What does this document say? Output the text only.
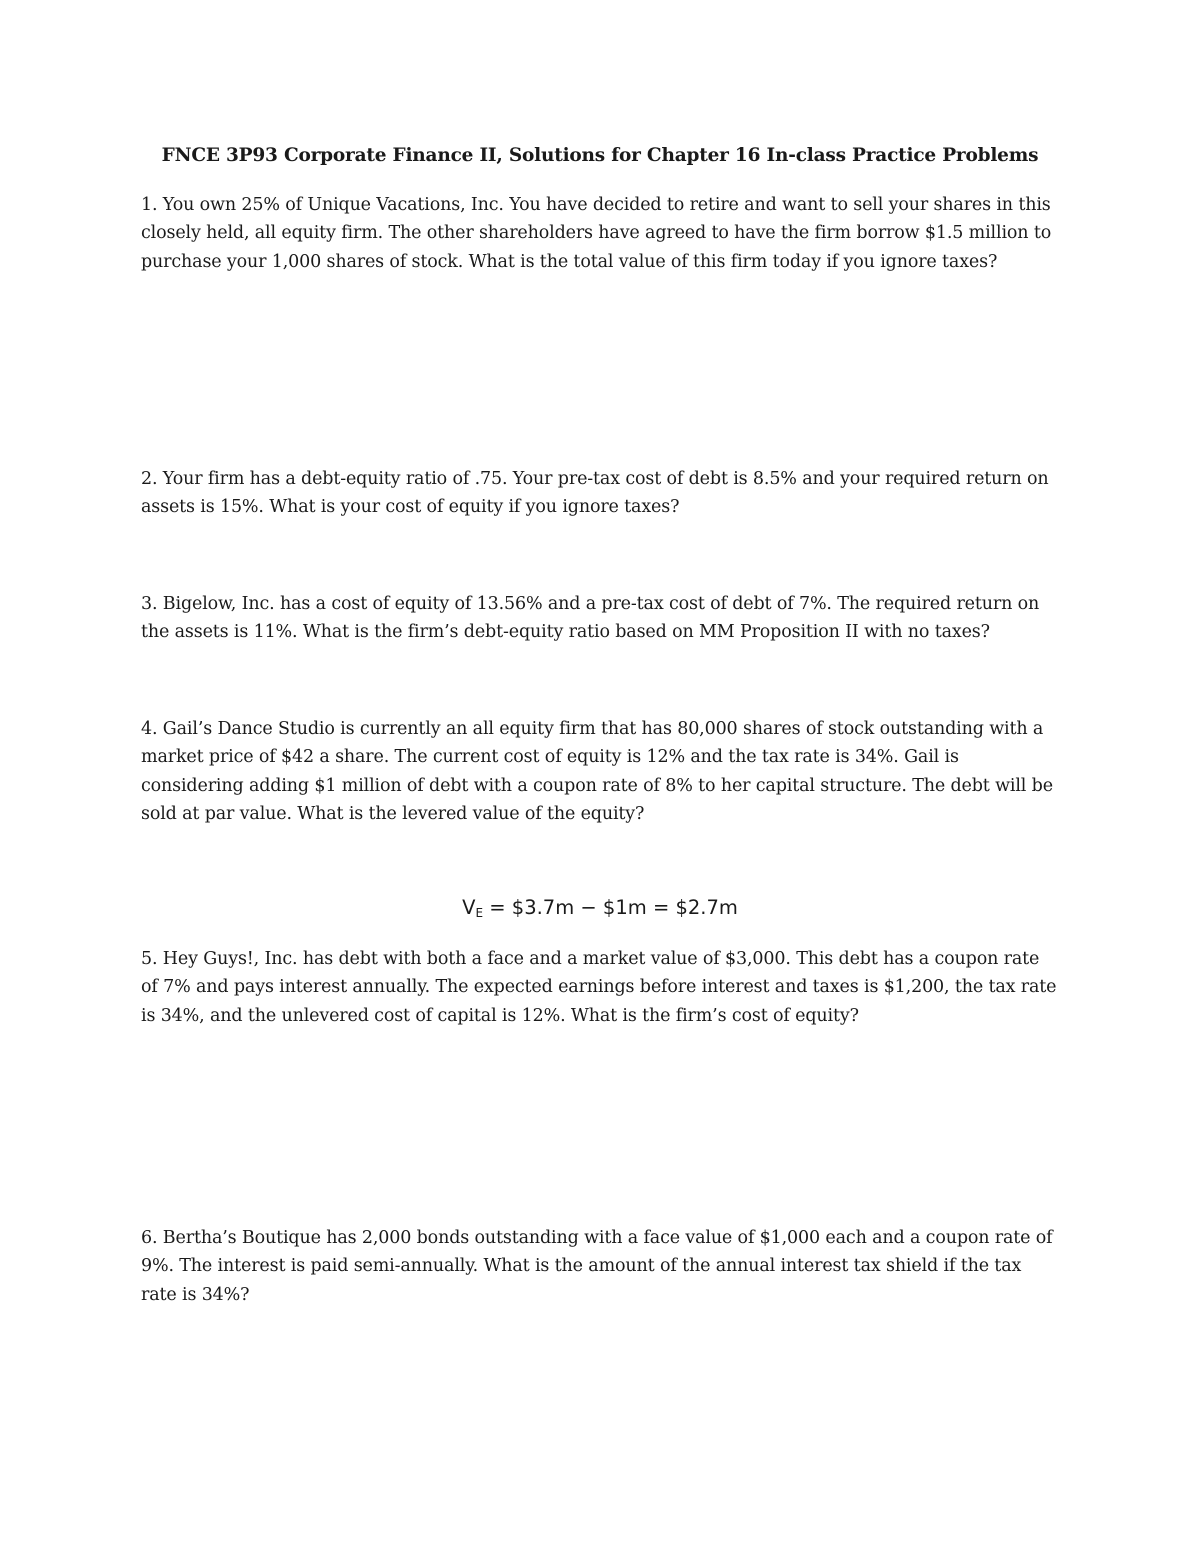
FNCE 3P93 Corporate Finance II, Solutions for Chapter 16 In-class Practice Problems

1. You own 25% of Unique Vacations, Inc. You have decided to retire and want to sell your shares in this closely held, all equity firm. The other shareholders have agreed to have the firm borrow $1.5 million to purchase your 1,000 shares of stock. What is the total value of this firm today if you ignore taxes?

2. Your firm has a debt-equity ratio of .75. Your pre-tax cost of debt is 8.5% and your required return on assets is 15%. What is your cost of equity if you ignore taxes?

3. Bigelow, Inc. has a cost of equity of 13.56% and a pre-tax cost of debt of 7%. The required return on the assets is 11%. What is the firm’s debt-equity ratio based on MM Proposition II with no taxes?

4. Gail’s Dance Studio is currently an all equity firm that has 80,000 shares of stock outstanding with a market price of $42 a share. The current cost of equity is 12% and the tax rate is 34%. Gail is considering adding $1 million of debt with a coupon rate of 8% to her capital structure. The debt will be sold at par value. What is the levered value of the equity?

$V_E$ = $3.7m − $1m = $2.7m

5. Hey Guys!, Inc. has debt with both a face and a market value of $3,000. This debt has a coupon rate of 7% and pays interest annually. The expected earnings before interest and taxes is $1,200, the tax rate is 34%, and the unlevered cost of capital is 12%. What is the firm’s cost of equity?

6. Bertha’s Boutique has 2,000 bonds outstanding with a face value of $1,000 each and a coupon rate of 9%. The interest is paid semi-annually. What is the amount of the annual interest tax shield if the tax rate is 34%?
